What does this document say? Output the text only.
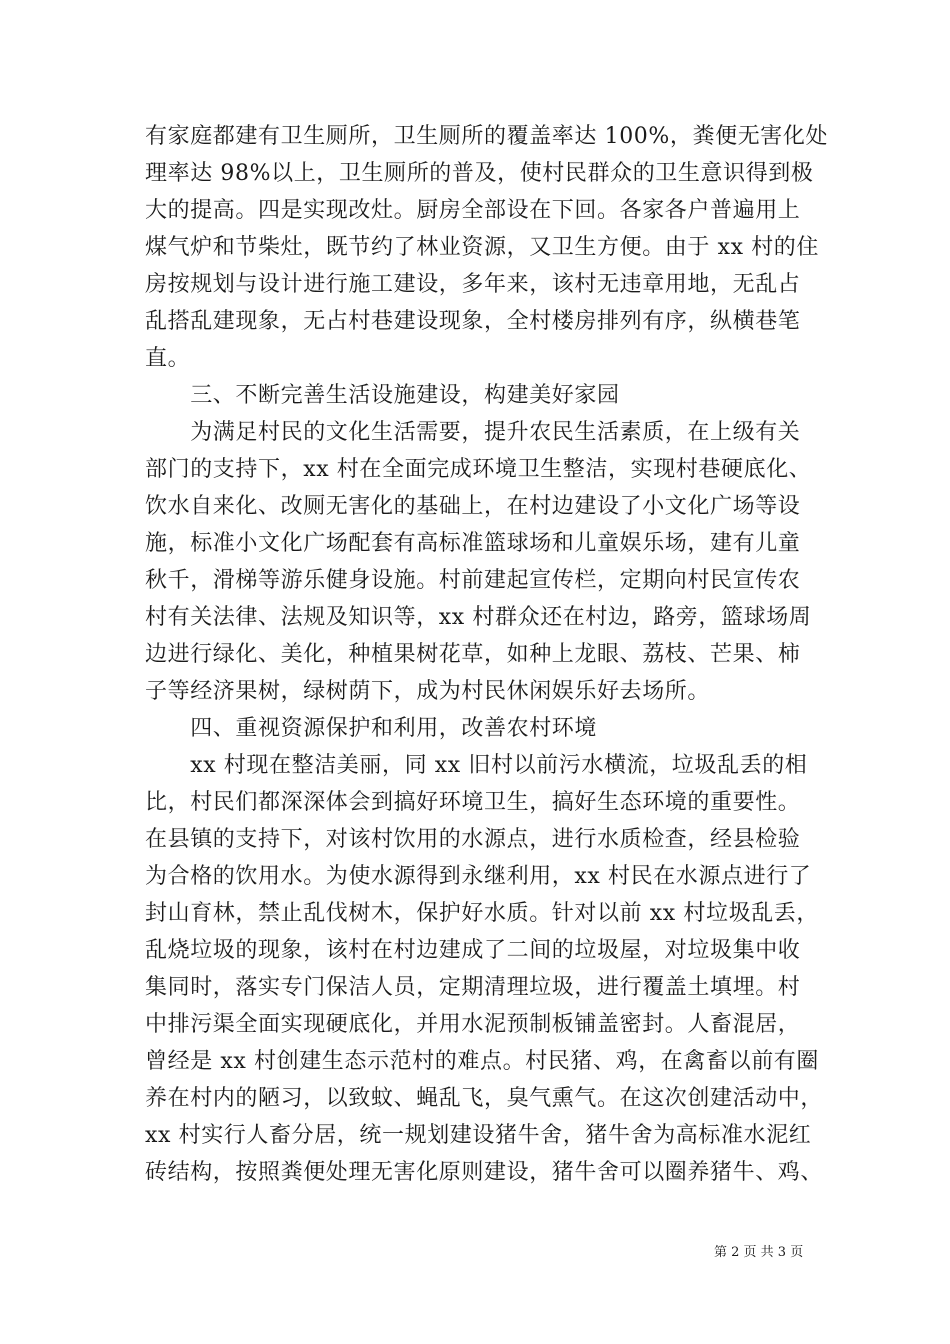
有家庭都建有卫生厕所，卫生厕所的覆盖率达 100%，粪便无害化处
理率达 98%以上，卫生厕所的普及，使村民群众的卫生意识得到极
大的提高。四是实现改灶。厨房全部设在下回。各家各户普遍用上
煤气炉和节柴灶，既节约了林业资源，又卫生方便。由于 xx 村的住
房按规划与设计进行施工建设，多年来，该村无违章用地，无乱占
乱搭乱建现象，无占村巷建设现象，全村楼房排列有序，纵横巷笔
直。
　　三、不断完善生活设施建设，构建美好家园
　　为满足村民的文化生活需要，提升农民生活素质，在上级有关
部门的支持下，xx 村在全面完成环境卫生整洁，实现村巷硬底化、
饮水自来化、改厕无害化的基础上，在村边建设了小文化广场等设
施，标准小文化广场配套有高标准篮球场和儿童娱乐场，建有儿童
秋千，滑梯等游乐健身设施。村前建起宣传栏，定期向村民宣传农
村有关法律、法规及知识等，xx 村群众还在村边，路旁，篮球场周
边进行绿化、美化，种植果树花草，如种上龙眼、荔枝、芒果、柿
子等经济果树，绿树荫下，成为村民休闲娱乐好去场所。
　　四、重视资源保护和利用，改善农村环境
　　xx 村现在整洁美丽，同 xx 旧村以前污水横流，垃圾乱丢的相
比，村民们都深深体会到搞好环境卫生，搞好生态环境的重要性。
在县镇的支持下，对该村饮用的水源点，进行水质检查，经县检验
为合格的饮用水。为使水源得到永继利用，xx 村民在水源点进行了
封山育林，禁止乱伐树木，保护好水质。针对以前 xx 村垃圾乱丢，
乱烧垃圾的现象，该村在村边建成了二间的垃圾屋，对垃圾集中收
集同时，落实专门保洁人员，定期清理垃圾，进行覆盖土填埋。村
中排污渠全面实现硬底化，并用水泥预制板铺盖密封。人畜混居，
曾经是 xx 村创建生态示范村的难点。村民猪、鸡，在禽畜以前有圈
养在村内的陋习，以致蚊、蝇乱飞，臭气熏气。在这次创建活动中，
xx 村实行人畜分居，统一规划建设猪牛舍，猪牛舍为高标准水泥红
砖结构，按照粪便处理无害化原则建设，猪牛舍可以圈养猪牛、鸡、
第 2 页 共 3 页
